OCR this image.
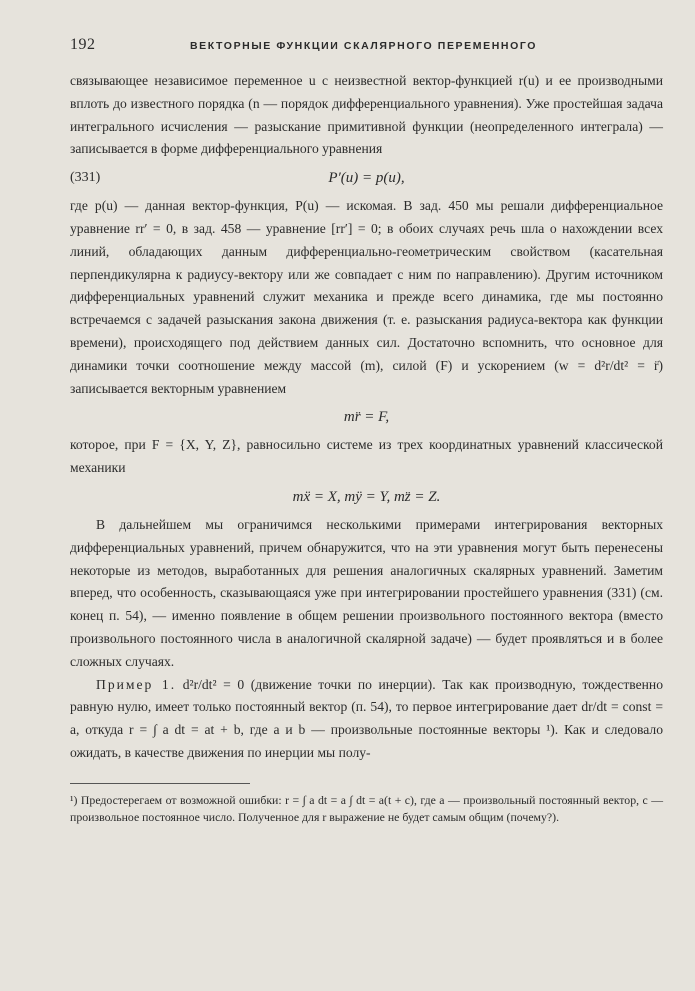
192	ВЕКТОРНЫЕ ФУНКЦИИ СКАЛЯРНОГО ПЕРЕМЕННОГО

связывающее независимое переменное u с неизвестной вектор-функцией r(u) и ее производными вплоть до известного порядка (n — порядок дифференциального уравнения). Уже простейшая задача интегрального исчисления — разыскание примитивной функции (неопределенного интеграла) — записывается в форме дифференциального уравнения

(331)	P′(u) = p(u),

где p(u) — данная вектор-функция, P(u) — искомая. В зад. 450 мы решали дифференциальное уравнение rr′ = 0, в зад. 458 — уравнение [rr′] = 0; в обоих случаях речь шла о нахождении всех линий, обладающих данным дифференциально-геометрическим свойством (касательная перпендикулярна к радиусу-вектору или же совпадает с ним по направлению). Другим источником дифференциальных уравнений служит механика и прежде всего динамика, где мы постоянно встречаемся с задачей разыскания закона движения (т. е. разыскания радиуса-вектора как функции времени), происходящего под действием данных сил. Достаточно вспомнить, что основное для динамики точки соотношение между массой (m), силой (F) и ускорением (w = d²r/dt² = r̈) записывается векторным уравнением

mr̈ = F,

которое, при F = {X, Y, Z}, равносильно системе из трех координатных уравнений классической механики

mẍ = X, mÿ = Y, mz̈ = Z.

В дальнейшем мы ограничимся несколькими примерами интегрирования векторных дифференциальных уравнений, причем обнаружится, что на эти уравнения могут быть перенесены некоторые из методов, выработанных для решения аналогичных скалярных уравнений. Заметим вперед, что особенность, сказывающаяся уже при интегрировании простейшего уравнения (331) (см. конец п. 54), — именно появление в общем решении произвольного постоянного вектора (вместо произвольного постоянного числа в аналогичной скалярной задаче) — будет проявляться и в более сложных случаях.

Пример 1. d²r/dt² = 0 (движение точки по инерции). Так как производную, тождественно равную нулю, имеет только постоянный вектор (п. 54), то первое интегрирование дает dr/dt = const = a, откуда r = ∫ a dt = at + b, где a и b — произвольные постоянные векторы ¹). Как и следовало ожидать, в качестве движения по инерции мы полу-

¹) Предостерегаем от возможной ошибки: r = ∫ a dt = a ∫ dt = a(t + c), где a — произвольный постоянный вектор, c — произвольное постоянное число. Полученное для r выражение не будет самым общим (почему?).
